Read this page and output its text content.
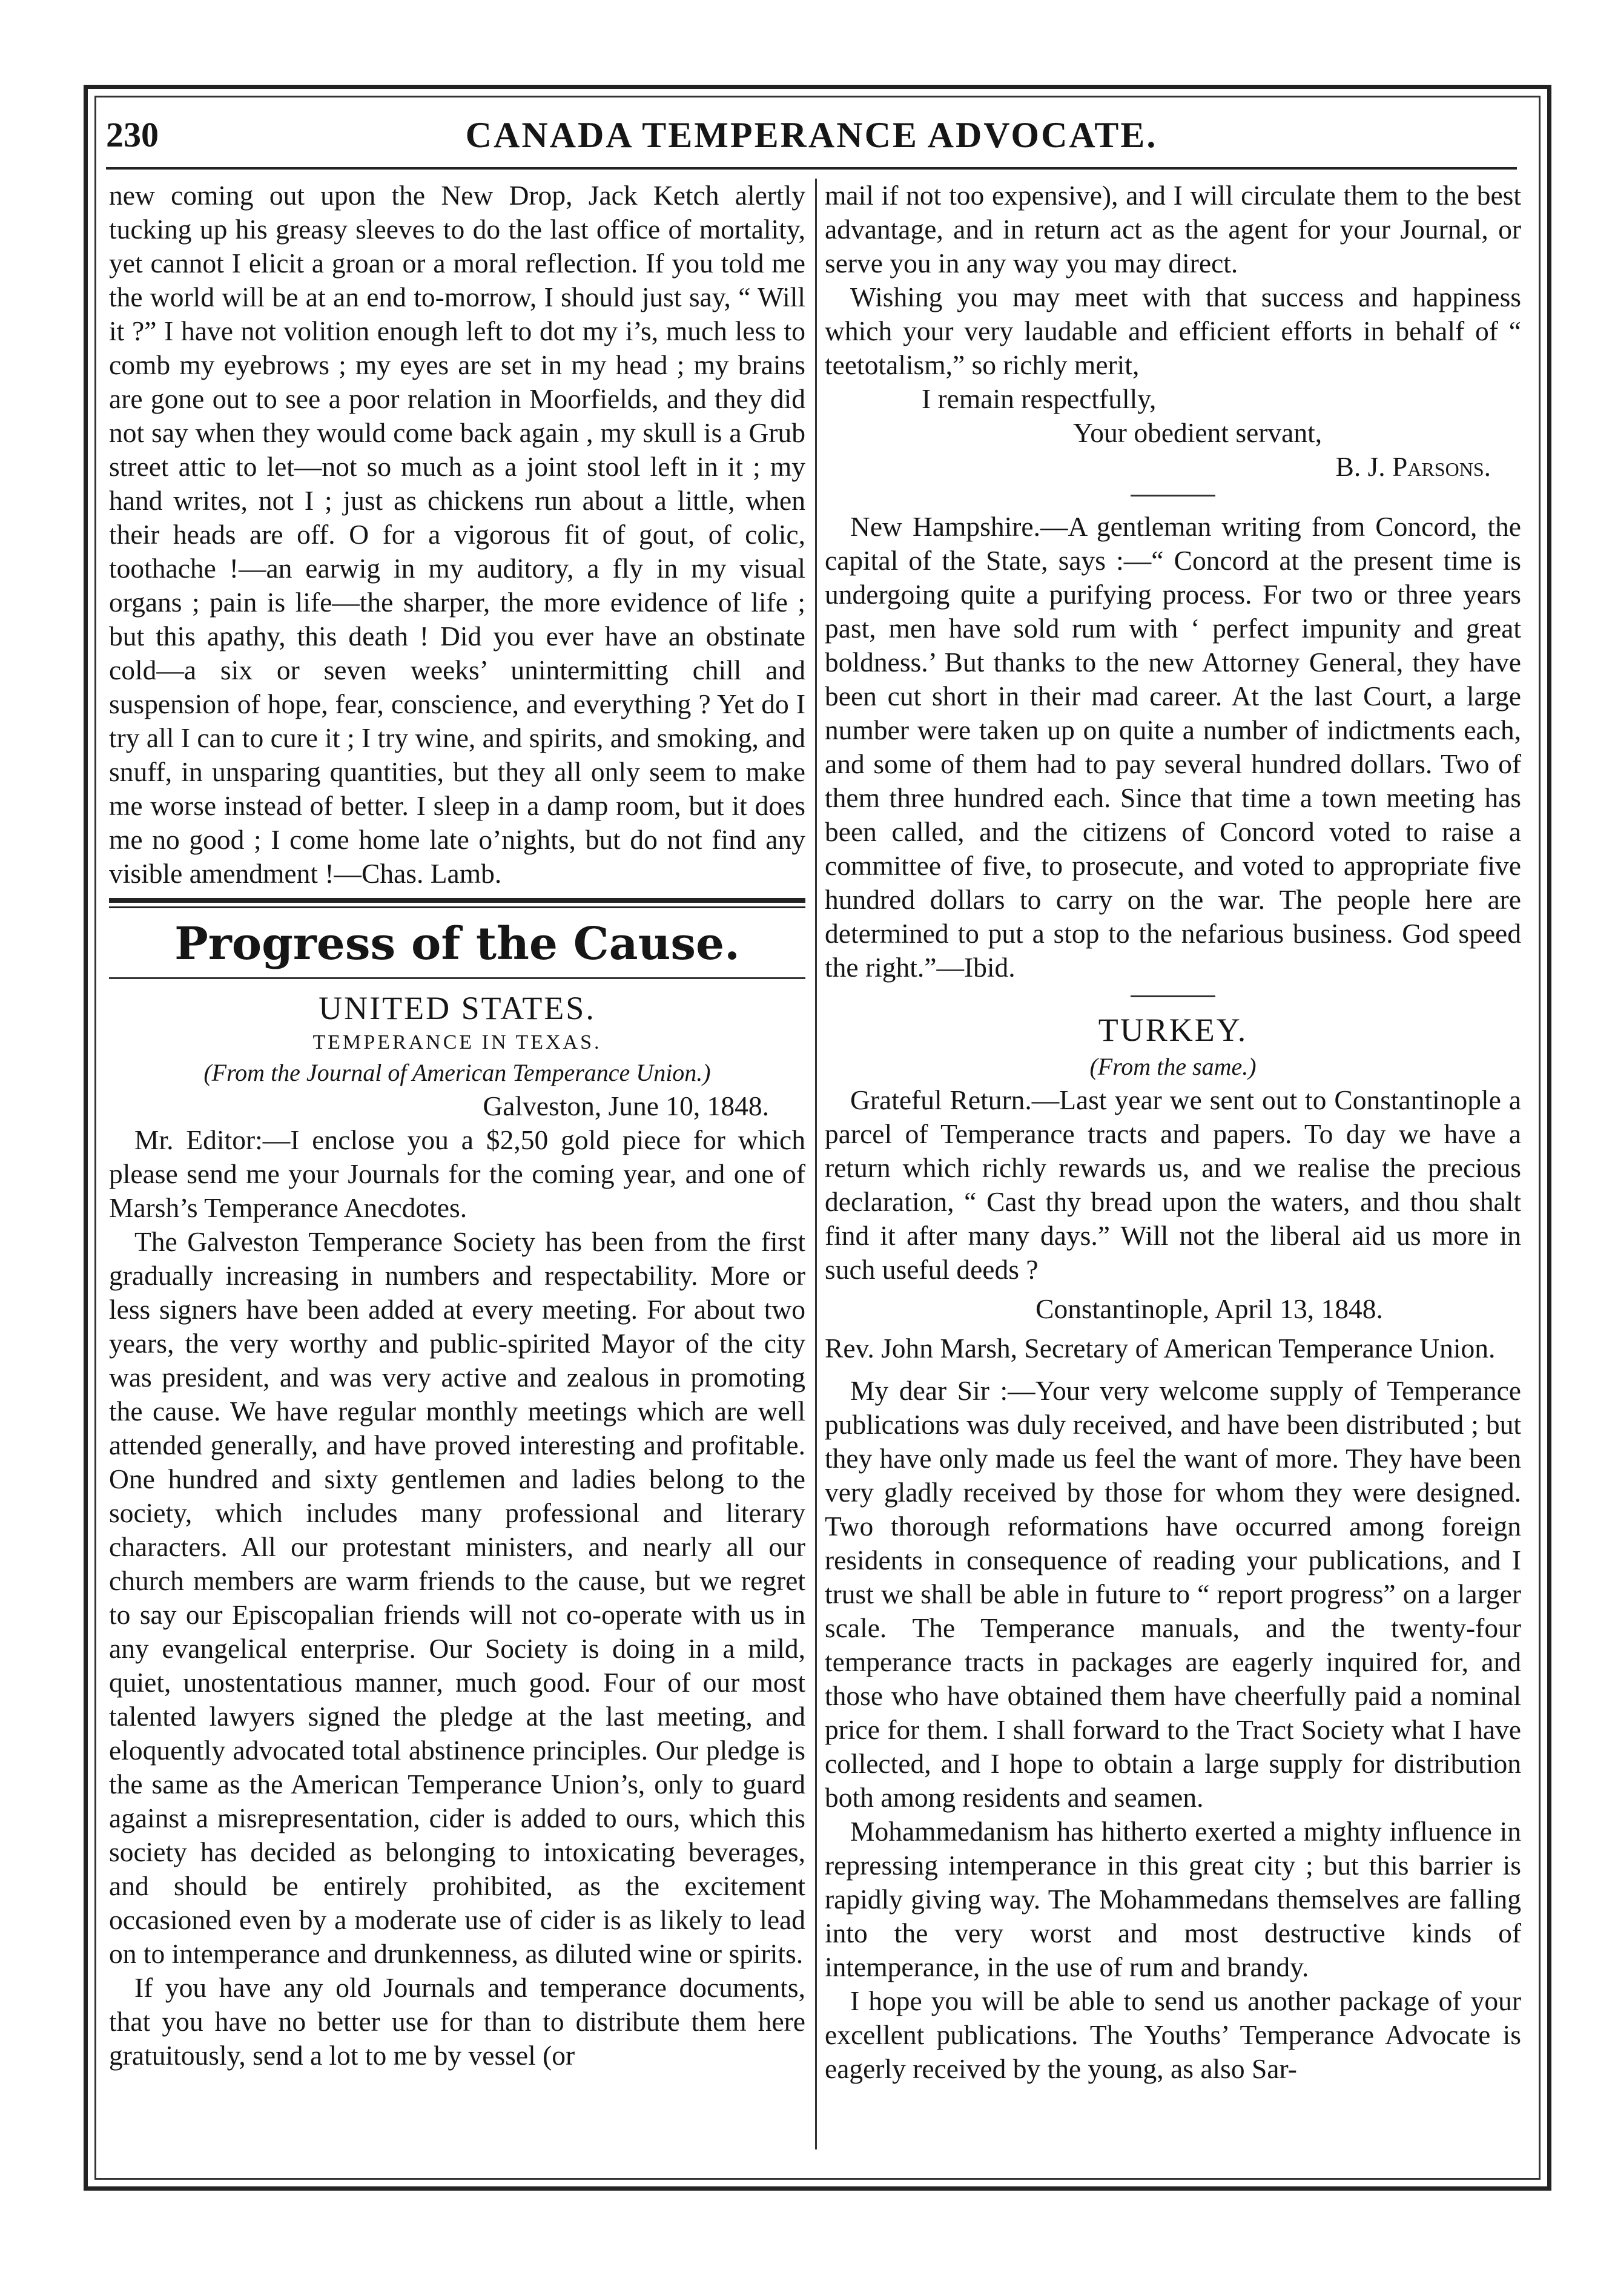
CANADA TEMPERANCE ADVOCATE.
230

new coming out upon the New Drop, Jack Ketch alertly tucking up his greasy sleeves to do the last office of mortality, yet cannot I elicit a groan or a moral reflection. If you told me the world will be at an end to-morrow, I should just say, “ Will it ?” I have not volition enough left to dot my i’s, much less to comb my eyebrows ; my eyes are set in my head ; my brains are gone out to see a poor relation in Moorfields, and they did not say when they would come back again , my skull is a Grub street attic to let—not so much as a joint stool left in it ; my hand writes, not I ; just as chickens run about a little, when their heads are off. O for a vigorous fit of gout, of colic, toothache !—an earwig in my auditory, a fly in my visual organs ; pain is life—the sharper, the more evidence of life ; but this apathy, this death ! Did you ever have an obstinate cold—a six or seven weeks’ unintermitting chill and suspension of hope, fear, conscience, and everything ? Yet do I try all I can to cure it ; I try wine, and spirits, and smoking, and snuff, in unsparing quantities, but they all only seem to make me worse instead of better. I sleep in a damp room, but it does me no good ; I come home late o’nights, but do not find any visible amendment !—Chas. Lamb.

Progress of the Cause.
UNITED STATES.
TEMPERANCE IN TEXAS.
(From the Journal of American Temperance Union.)
Galveston, June 10, 1848.

Mr. Editor:—I enclose you a $2,50 gold piece for which please send me your Journals for the coming year, and one of Marsh’s Temperance Anecdotes.

The Galveston Temperance Society has been from the first gradually increasing in numbers and respectability. More or less signers have been added at every meeting. For about two years, the very worthy and public-spirited Mayor of the city was president, and was very active and zealous in promoting the cause. We have regular monthly meetings which are well attended generally, and have proved interesting and profitable. One hundred and sixty gentlemen and ladies belong to the society, which includes many professional and literary characters. All our protestant ministers, and nearly all our church members are warm friends to the cause, but we regret to say our Episcopalian friends will not co-operate with us in any evangelical enterprise. Our Society is doing in a mild, quiet, unostentatious manner, much good. Four of our most talented lawyers signed the pledge at the last meeting, and eloquently advocated total abstinence principles. Our pledge is the same as the American Temperance Union’s, only to guard against a misrepresentation, cider is added to ours, which this society has decided as belonging to intoxicating beverages, and should be entirely prohibited, as the excitement occasioned even by a moderate use of cider is as likely to lead on to intemperance and drunkenness, as diluted wine or spirits.

If you have any old Journals and temperance documents, that you have no better use for than to distribute them here gratuitously, send a lot to me by vessel (or

mail if not too expensive), and I will circulate them to the best advantage, and in return act as the agent for your Journal, or serve you in any way you may direct.

Wishing you may meet with that success and happiness which your very laudable and efficient efforts in behalf of “ teetotalism,” so richly merit,

I remain respectfully,
Your obedient servant,
B. J. Parsons.

New Hampshire.—A gentleman writing from Concord, the capital of the State, says :—“ Concord at the present time is undergoing quite a purifying process. For two or three years past, men have sold rum with ‘ perfect impunity and great boldness.’ But thanks to the new Attorney General, they have been cut short in their mad career. At the last Court, a large number were taken up on quite a number of indictments each, and some of them had to pay several hundred dollars. Two of them three hundred each. Since that time a town meeting has been called, and the citizens of Concord voted to raise a committee of five, to prosecute, and voted to appropriate five hundred dollars to carry on the war. The people here are determined to put a stop to the nefarious business. God speed the right.”—Ibid.

TURKEY.
(From the same.)

Grateful Return.—Last year we sent out to Constantinople a parcel of Temperance tracts and papers. To day we have a return which richly rewards us, and we realise the precious declaration, “ Cast thy bread upon the waters, and thou shalt find it after many days.” Will not the liberal aid us more in such useful deeds ?

Constantinople, April 13, 1848.

Rev. John Marsh, Secretary of American Temperance Union.

My dear Sir :—Your very welcome supply of Temperance publications was duly received, and have been distributed ; but they have only made us feel the want of more. They have been very gladly received by those for whom they were designed. Two thorough reformations have occurred among foreign residents in consequence of reading your publications, and I trust we shall be able in future to “ report progress” on a larger scale. The Temperance manuals, and the twenty-four temperance tracts in packages are eagerly inquired for, and those who have obtained them have cheerfully paid a nominal price for them. I shall forward to the Tract Society what I have collected, and I hope to obtain a large supply for distribution both among residents and seamen.

Mohammedanism has hitherto exerted a mighty influence in repressing intemperance in this great city ; but this barrier is rapidly giving way. The Mohammedans themselves are falling into the very worst and most destructive kinds of intemperance, in the use of rum and brandy.

I hope you will be able to send us another package of your excellent publications. The Youths’ Temperance Advocate is eagerly received by the young, as also Sar-
